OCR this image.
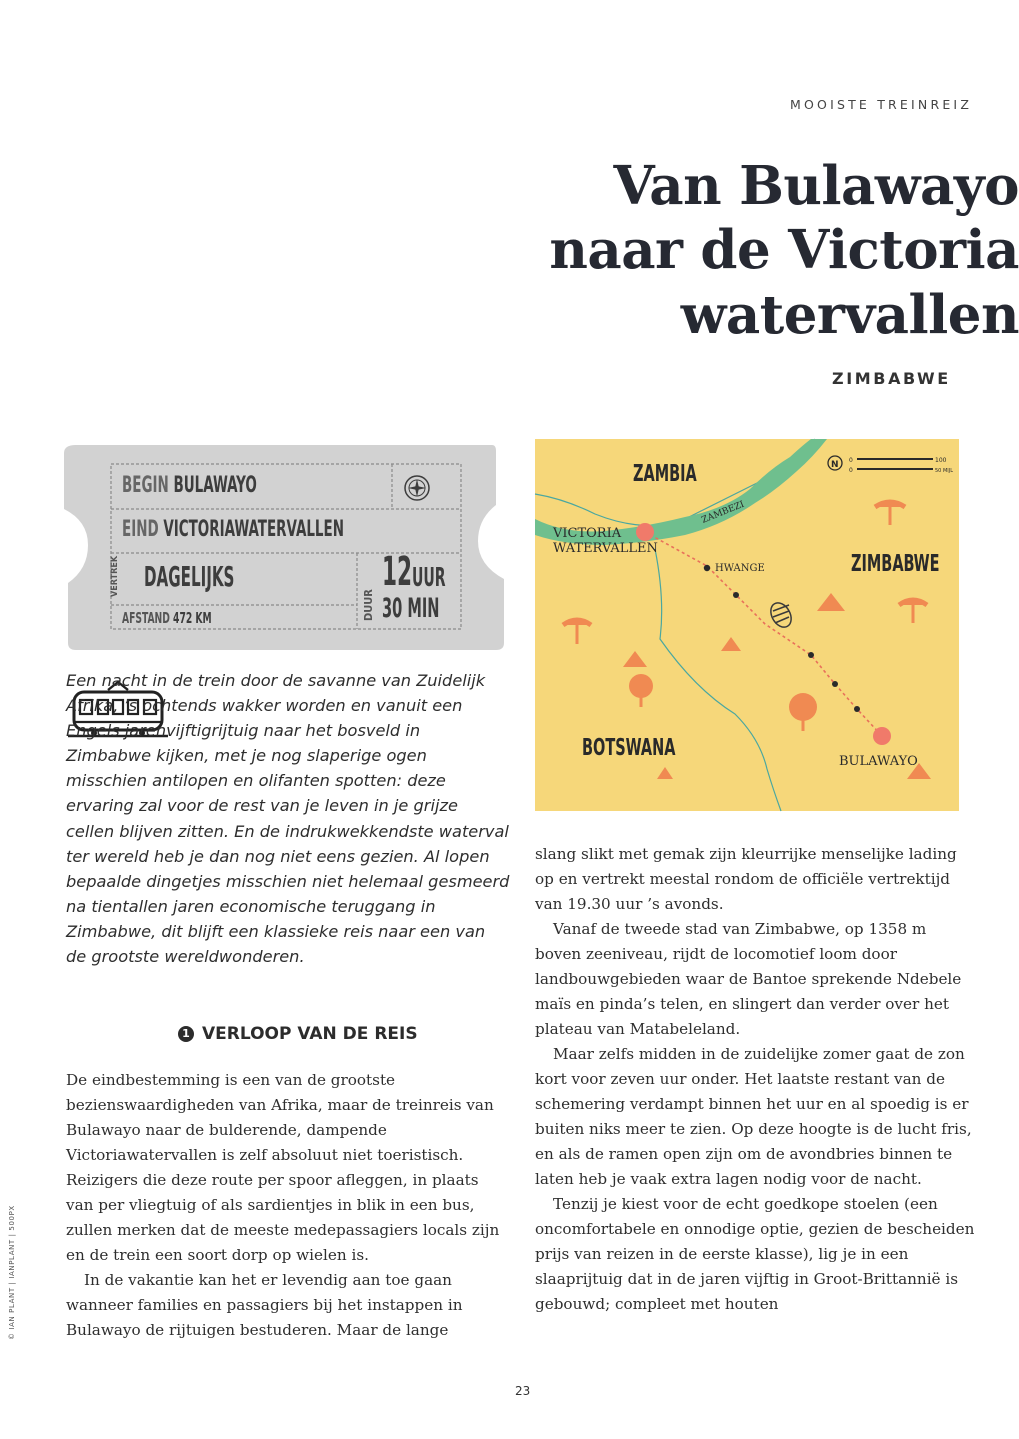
MOOISTE TREINREIZ
Van Bulawayo
naar de Victoria
watervallen
ZIMBABWE
BEGIN BULAWAYO
EIND VICTORIAWATERVALLEN
VERTREK DAGELIJKS
AFSTAND 472 KM	DUUR
12 UUR
30 MIN

Een nacht in de trein door de savanne van Zuidelijk Afrika, ’s ochtends wakker worden en vanuit een Engels jarenvijftigrijtuig naar het bosveld in Zimbabwe kijken, met je nog slaperige ogen misschien antilopen en olifanten spotten: deze ervaring zal voor de rest van je leven in je grijze cellen blijven zitten. En de indrukwekkendste waterval ter wereld heb je dan nog niet eens gezien. Al lopen bepaalde dingetjes misschien niet helemaal gesmeerd na tientallen jaren economische teruggang in Zimbabwe, dit blijft een klassieke reis naar een van de grootste wereldwonderen.

1 VERLOOP VAN DE REIS

De eindbestemming is een van de grootste bezienswaardigheden van Afrika, maar de treinreis van Bulawayo naar de bulderende, dampende Victoriawatervallen is zelf absoluut niet toeristisch. Reizigers die deze route per spoor afleggen, in plaats van per vliegtuig of als sardientjes in blik in een bus, zullen merken dat de meeste medepassagiers locals zijn en de trein een soort dorp op wielen is.

In de vakantie kan het er levendig aan toe gaan wanneer families en passagiers bij het instappen in Bulawayo de rijtuigen bestuderen. Maar de lange

slang slikt met gemak zijn kleurrijke menselijke lading op en vertrekt meestal rondom de officiële vertrektijd van 19.30 uur ’s avonds.

Vanaf de tweede stad van Zimbabwe, op 1358 m boven zeeniveau, rijdt de locomotief loom door landbouwgebieden waar de Bantoe sprekende Ndebele maïs en pinda’s telen, en slingert dan verder over het plateau van Matabeleland.

Maar zelfs midden in de zuidelijke zomer gaat de zon kort voor zeven uur onder. Het laatste restant van de schemering verdampt binnen het uur en al spoedig is er buiten niks meer te zien. Op deze hoogte is de lucht fris, en als de ramen open zijn om de avondbries binnen te laten heb je vaak extra lagen nodig voor de nacht.

Tenzij je kiest voor de echt goedkope stoelen (een oncomfortabele en onnodige optie, gezien de bescheiden prijs van reizen in de eerste klasse), lig je in een slaaprijtuig dat in de jaren vijftig in Groot-Brittannië is gebouwd; compleet met houten

ZAMBIA
ZAMBEZI
VICTORIA
WATERVALLEN
HWANGE	ZIMBABWE
BOTSWANA
BULAWAYO
N 0
0
100
50 MIJL
23
© IAN PLANT | IANPLANT | 500PX
